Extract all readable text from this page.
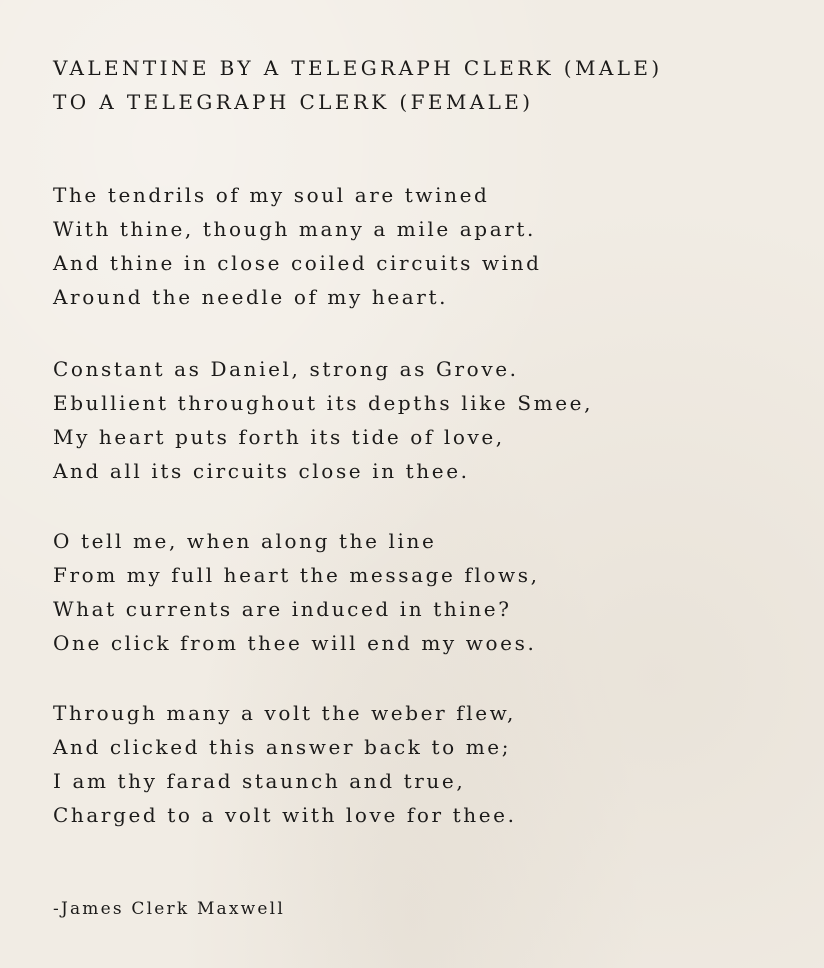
VALENTINE BY A TELEGRAPH CLERK (MALE)
TO A TELEGRAPH CLERK (FEMALE)
The tendrils of my soul are twined
With thine, though many a mile apart.
And thine in close coiled circuits wind
Around the needle of my heart.
Constant as Daniel, strong as Grove.
Ebullient throughout its depths like Smee,
My heart puts forth its tide of love,
And all its circuits close in thee.
O tell me, when along the line
From my full heart the message flows,
What currents are induced in thine?
One click from thee will end my woes.
Through many a volt the weber flew,
And clicked this answer back to me;
I am thy farad staunch and true,
Charged to a volt with love for thee.
-James Clerk Maxwell
